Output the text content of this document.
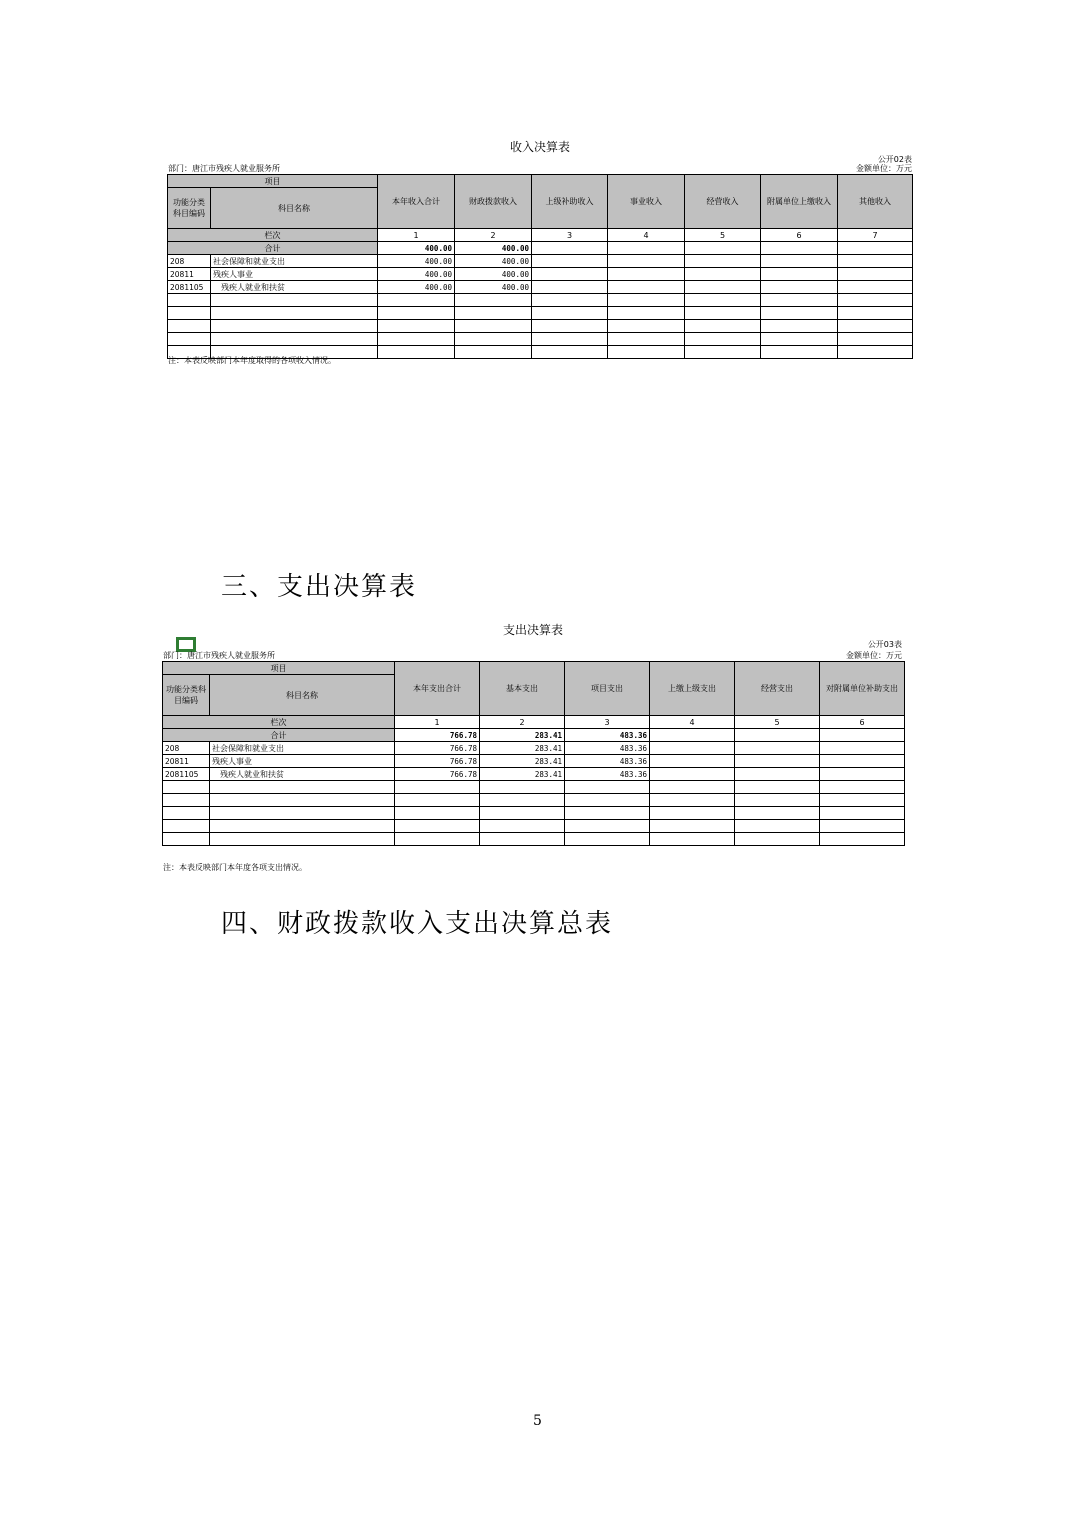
收入决算表
公开02表
部门：唐江市残疾人就业服务所	金额单位：万元
项目		本年收入合计	财政拨款收入	上级补助收入	事业收入	经营收入	附属单位上缴收入	其他收入
功能分类科目编码	科目名称							
栏次		1	2	3	4	5	6	7
合计		400.00	400.00					
208	社会保障和就业支出	400.00	400.00					
20811	残疾人事业	400.00	400.00					
2081105	残疾人就业和扶贫	400.00	400.00					

注：本表反映部门本年度取得的各项收入情况。
三、支出决算表
支出决算表
公开03表
部门：唐江市残疾人就业服务所	金额单位：万元
项目		本年支出合计	基本支出	项目支出	上缴上级支出	经营支出	对附属单位补助支出
功能分类科目编码	科目名称						
栏次		1	2	3	4	5	6
合计		766.78	283.41	483.36			
208	社会保障和就业支出	766.78	283.41	483.36			
20811	残疾人事业	766.78	283.41	483.36			
2081105	残疾人就业和扶贫	766.78	283.41	483.36			

注：本表反映部门本年度各项支出情况。
四、财政拨款收入支出决算总表
5
